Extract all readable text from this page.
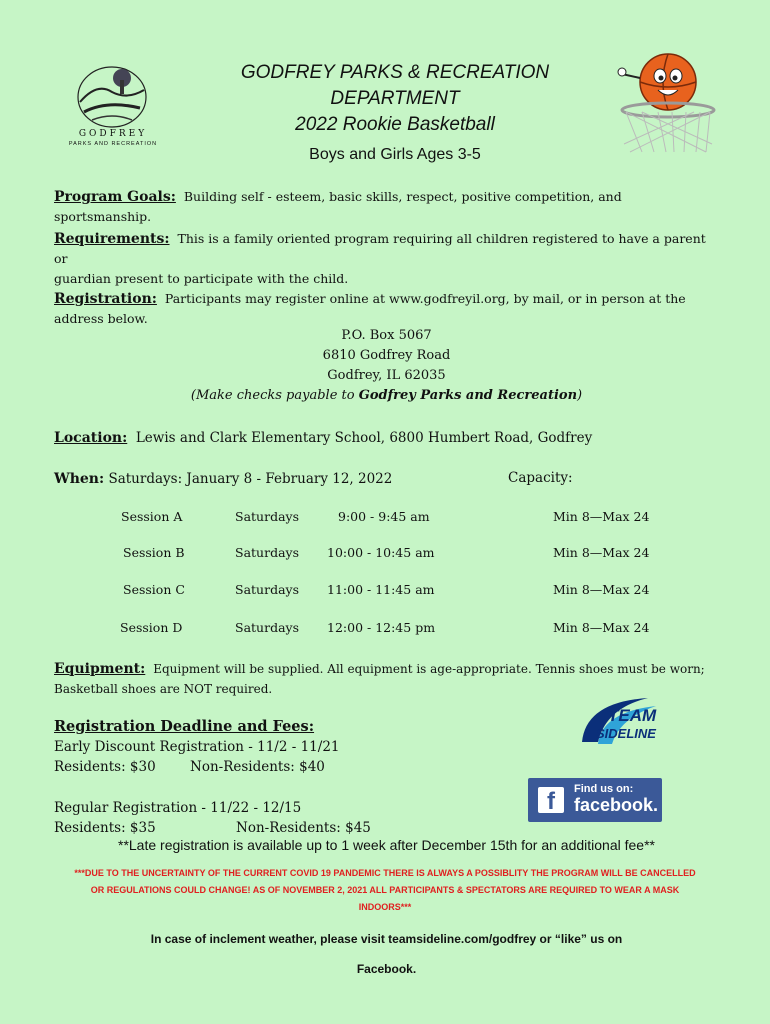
GODFREY
PARKS AND RECREATION
GODFREY PARKS & RECREATION
DEPARTMENT
2022 Rookie Basketball
Boys and Girls Ages 3-5
Program Goals: Building self - esteem, basic skills, respect, positive competition, and sportsmanship.
Requirements: This is a family oriented program requiring all children registered to have a parent or
guardian present to participate with the child.
Registration: Participants may register online at www.godfreyil.org, by mail, or in person at the
address below.
P.O. Box 5067
6810 Godfrey Road
Godfrey, IL 62035
(Make checks payable to Godfrey Parks and Recreation)
Location: Lewis and Clark Elementary School, 6800 Humbert Road, Godfrey
When: Saturdays: January 8 - February 12, 2022	Capacity:
Session A	Saturdays	9:00 - 9:45 am	Min 8—Max 24
Session B	Saturdays 10:00 - 10:45 am	Min 8—Max 24
Session C	Saturdays 11:00 - 11:45 am	Min 8—Max 24
Session D	Saturdays 12:00 - 12:45 pm	Min 8—Max 24
Equipment: Equipment will be supplied. All equipment is age-appropriate. Tennis shoes must be worn;
Basketball shoes are NOT required.
TEAM
SIDELINE
Registration Deadline and Fees:
Early Discount Registration - 11/2 - 11/21
Residents: $30	Non-Residents: $40
Regular Registration - 11/22 - 12/15
Residents: $35	Non-Residents: $45
f	Find us on:
facebook.
**Late registration is available up to 1 week after December 15th for an additional fee**
***DUE TO THE UNCERTAINTY OF THE CURRENT COVID 19 PANDEMIC THERE IS ALWAYS A POSSIBLITY THE PROGRAM WILL BE CANCELLED
OR REGULATIONS COULD CHANGE! AS OF NOVEMBER 2, 2021 ALL PARTICIPANTS & SPECTATORS ARE REQUIRED TO WEAR A MASK
INDOORS***
In case of inclement weather, please visit teamsideline.com/godfrey or “like” us on
Facebook.
